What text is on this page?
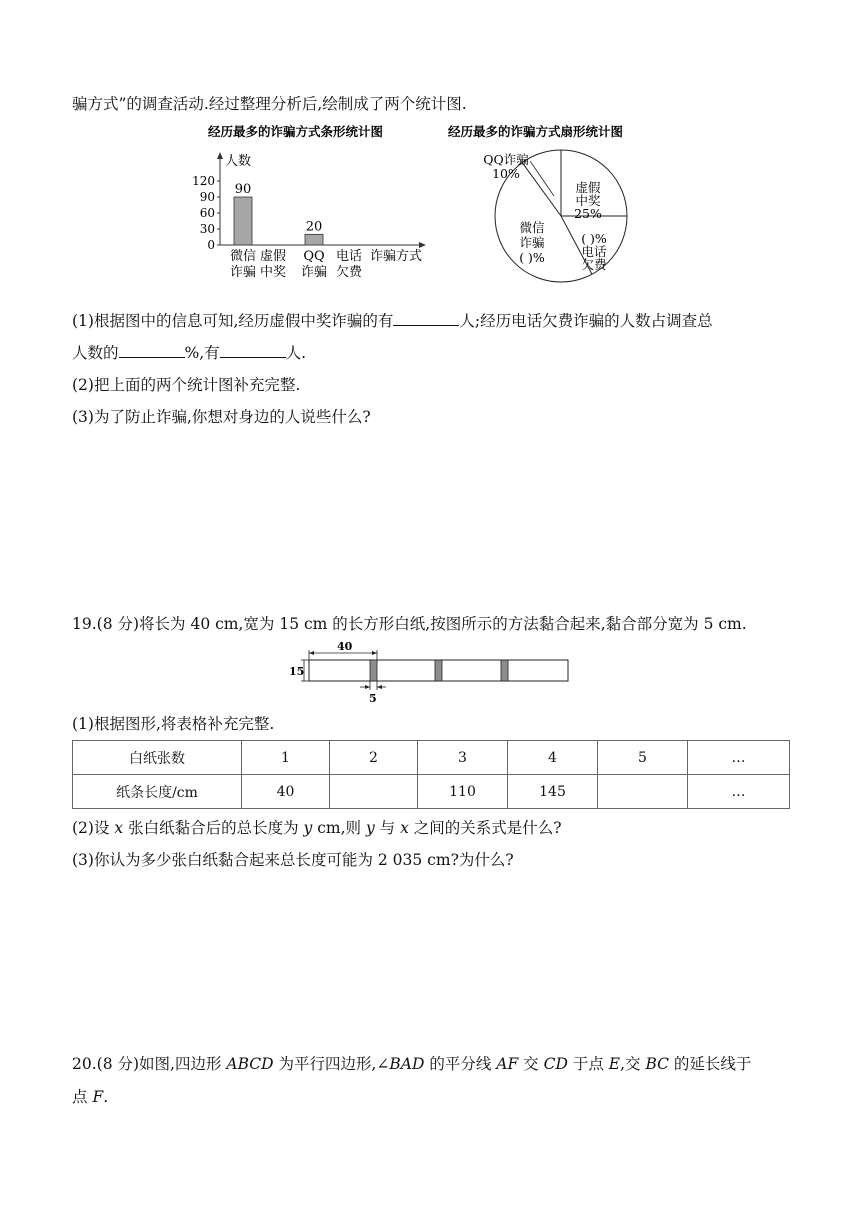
骗方式”的调查活动.经过整理分析后,绘制成了两个统计图.
经历最多的诈骗方式条形统计图
人数
诈骗方式
120
90
60
30
0
90
20
微信
诈骗
虚假
中奖
QQ
诈骗
电话
欠费
经历最多的诈骗方式扇形统计图
QQ诈骗
10%
虚假
中奖
25%
( )%
电话
欠费
微信
诈骗
( )%
(1)根据图中的信息可知,经历虚假中奖诈骗的有	人;经历电话欠费诈骗的人数占调查总
人数的	%,有	人.
(2)把上面的两个统计图补充完整.
(3)为了防止诈骗,你想对身边的人说些什么?
19.(8 分)将长为 40 cm,宽为 15 cm 的长方形白纸,按图所示的方法黏合起来,黏合部分宽为 5 cm.
40
15
5
(1)根据图形,将表格补充完整.
白纸张数	1	2	3	4	5	…
纸条长度/cm	40		110	145		…
(2)设 x 张白纸黏合后的总长度为 y cm,则 y 与 x 之间的关系式是什么?
(3)你认为多少张白纸黏合起来总长度可能为 2 035 cm?为什么?
20.(8 分)如图,四边形 ABCD 为平行四边形,∠BAD 的平分线 AF 交 CD 于点 E,交 BC 的延长线于
点 F.
